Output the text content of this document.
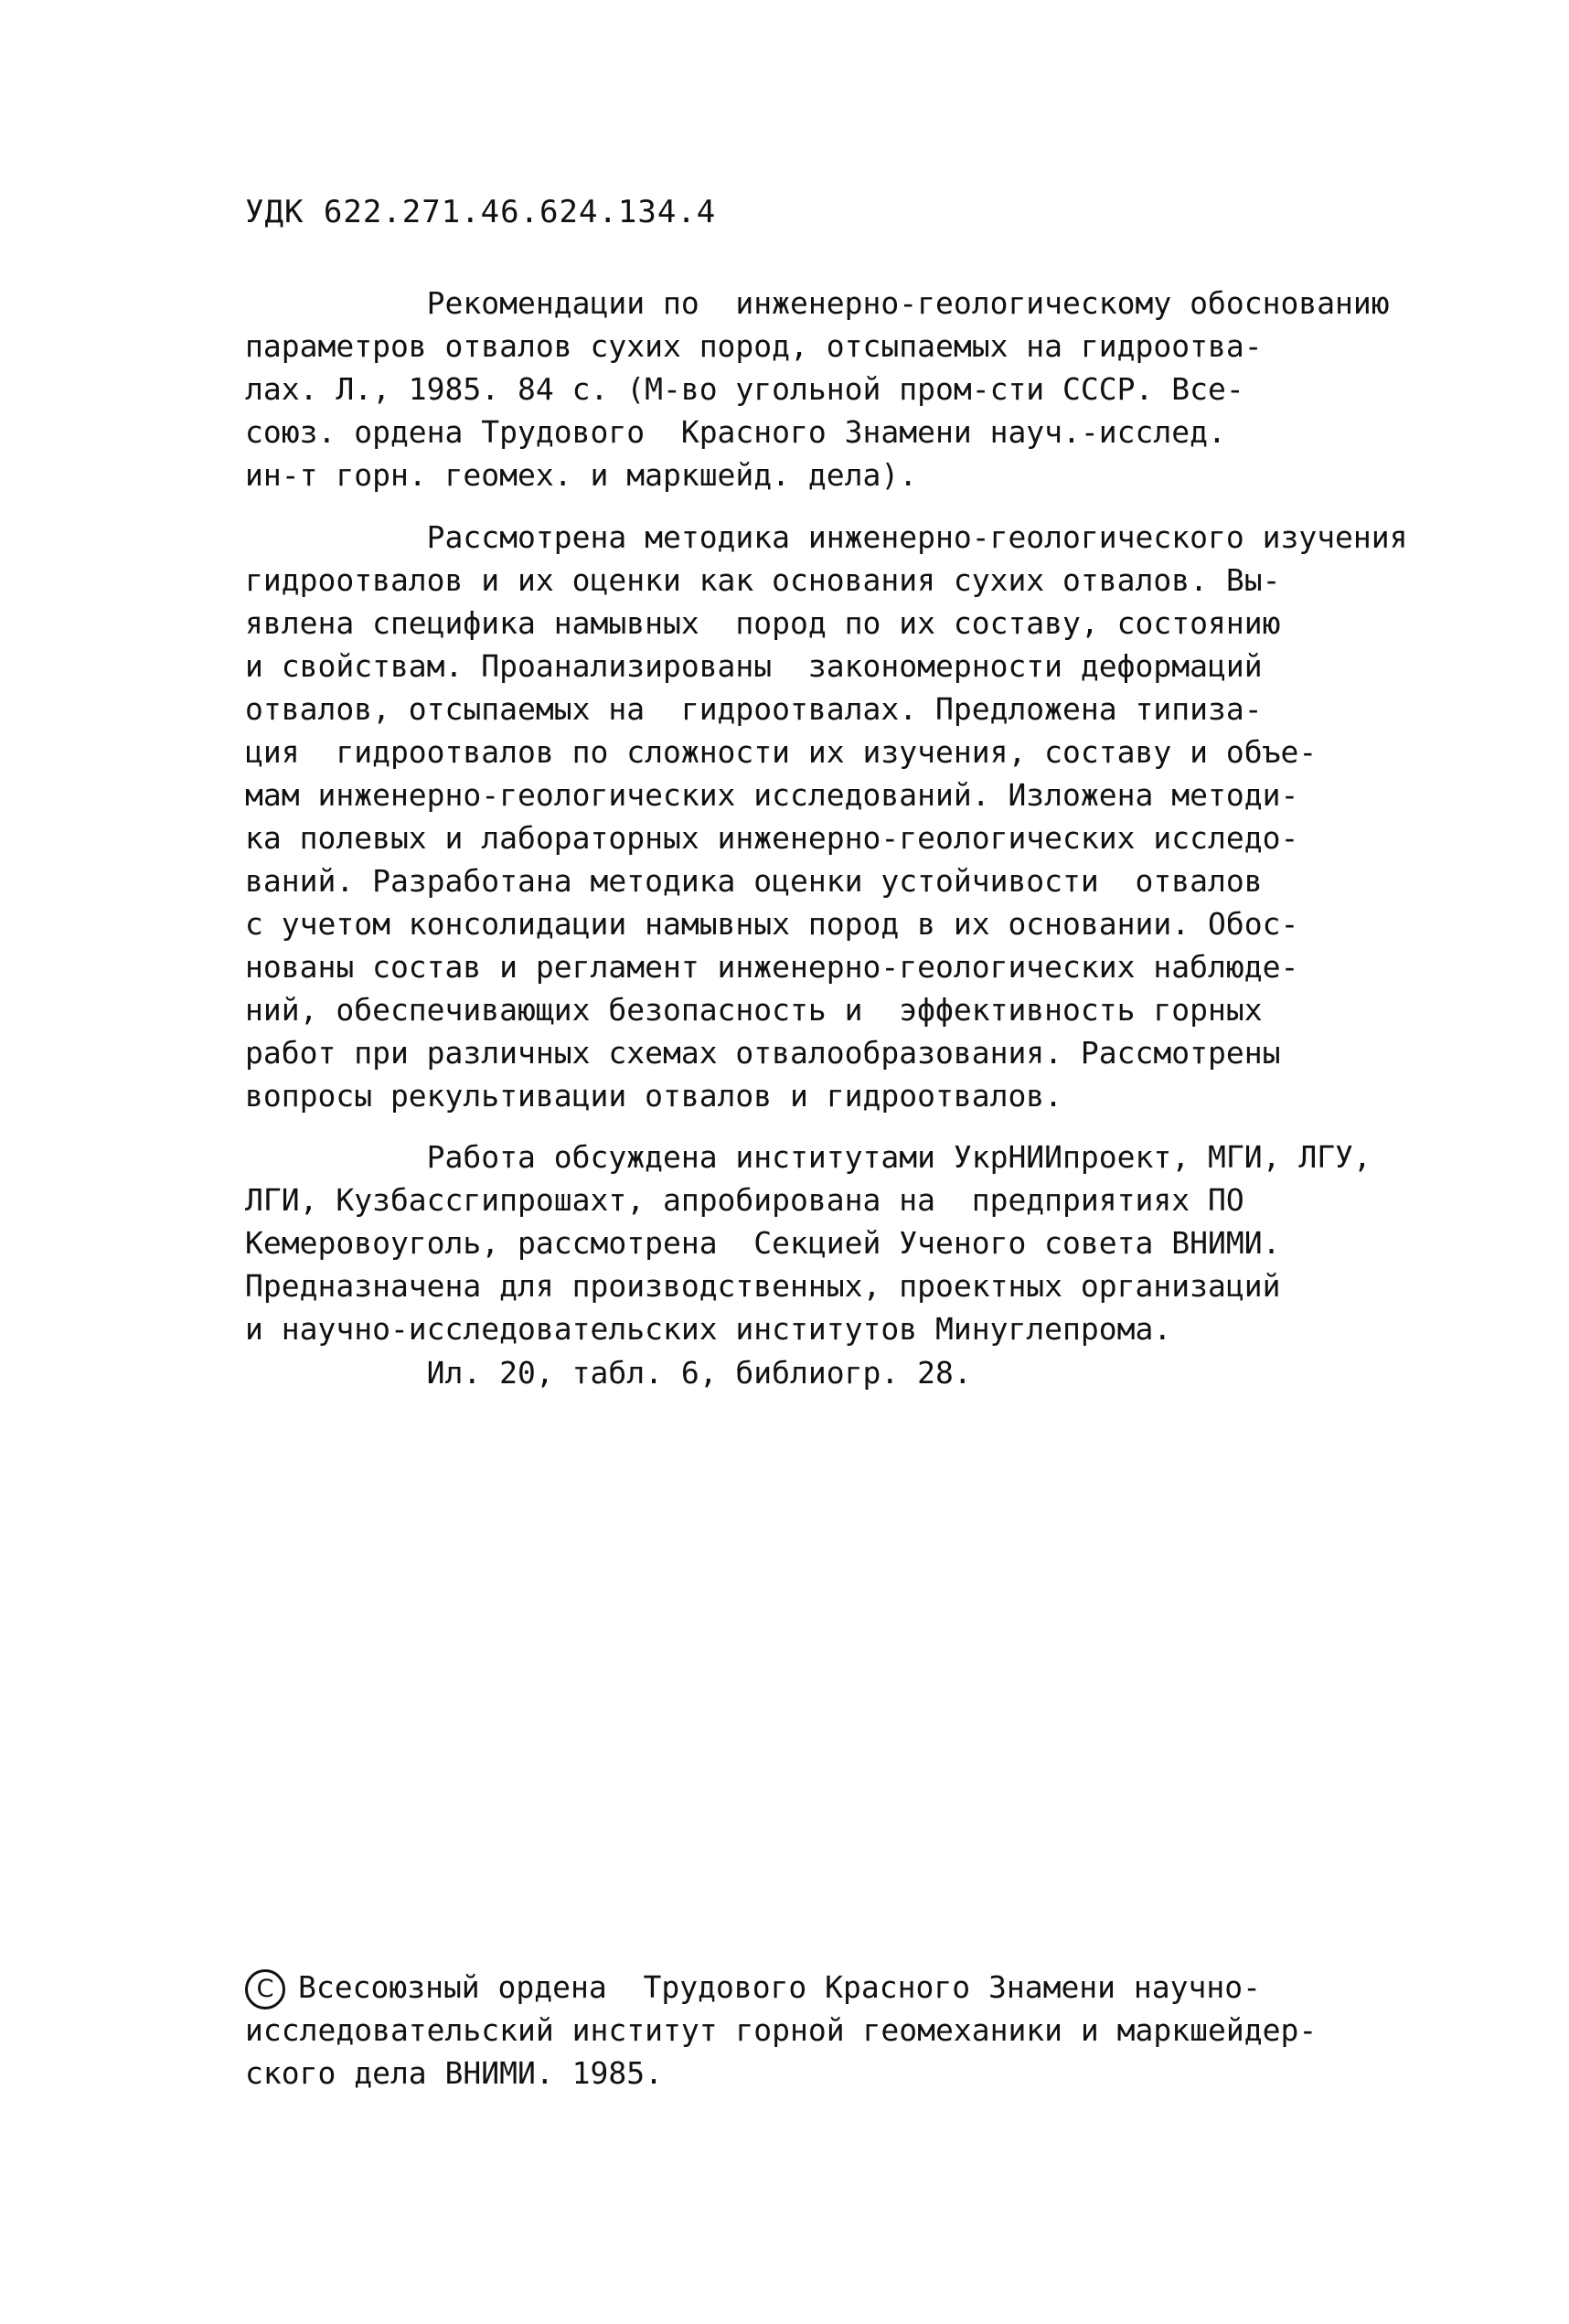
УДК 622.271.46.624.134.4
Рекомендации по  инженерно-геологическому обоснованию
параметров отвалов сухих пород, отсыпаемых на гидроотва-
лах. Л., 1985. 84 с. (М-во угольной пром-сти СССР. Все-
союз. ордена Трудового  Красного Знамени науч.-исслед.
ин-т горн. геомех. и маркшейд. дела).
Рассмотрена методика инженерно-геологического изучения
гидроотвалов и их оценки как основания сухих отвалов. Вы-
явлена специфика намывных  пород по их составу, состоянию
и свойствам. Проанализированы  закономерности деформаций
отвалов, отсыпаемых на  гидроотвалах. Предложена типиза-
ция  гидроотвалов по сложности их изучения, составу и объе-
мам инженерно-геологических исследований. Изложена методи-
ка полевых и лабораторных инженерно-геологических исследо-
ваний. Разработана методика оценки устойчивости  отвалов
с учетом консолидации намывных пород в их основании. Обос-
нованы состав и регламент инженерно-геологических наблюде-
ний, обеспечивающих безопасность и  эффективность горных
работ при различных схемах отвалообразования. Рассмотрены
вопросы рекультивации отвалов и гидроотвалов.
Работа обсуждена институтами УкрНИИпроект, МГИ, ЛГУ,
ЛГИ, Кузбассгипрошахт, апробирована на  предприятиях ПО
Кемеровоуголь, рассмотрена  Секцией Ученого совета ВНИМИ.
Предназначена для производственных, проектных организаций
и научно-исследовательских институтов Минуглепрома.
Ил. 20, табл. 6, библиогр. 28.
С Всесоюзный ордена  Трудового Красного Знамени научно-
исследовательский институт горной геомеханики и маркшейдер-
ского дела ВНИМИ. 1985.
